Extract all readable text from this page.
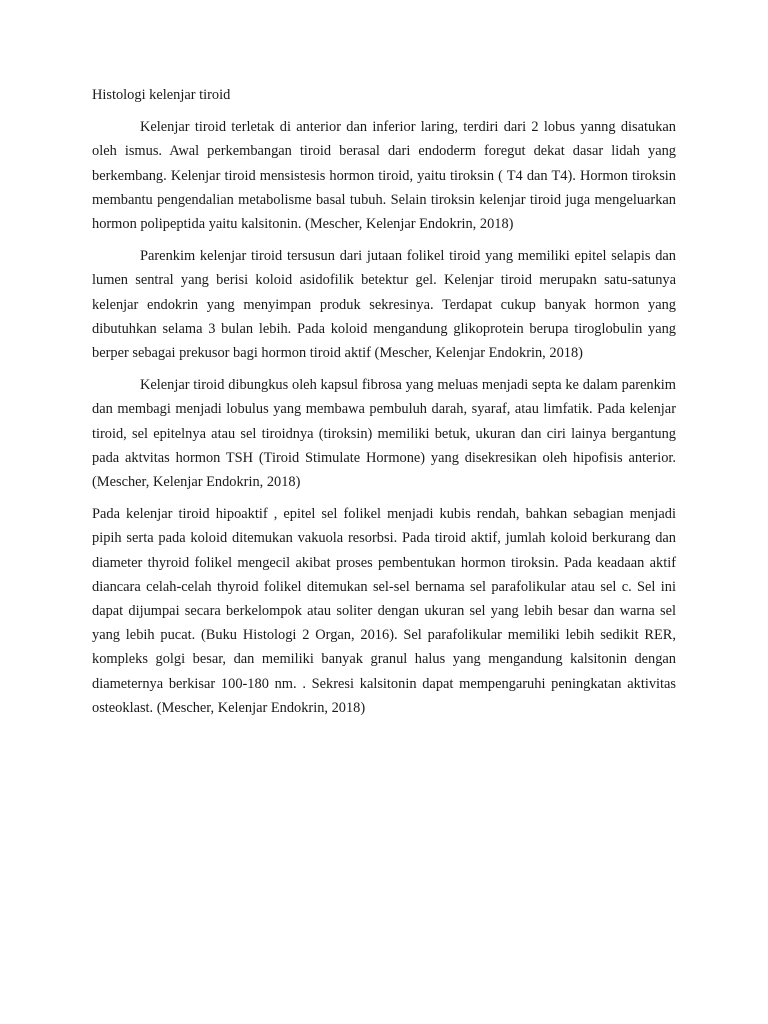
Histologi kelenjar tiroid

Kelenjar tiroid terletak di anterior dan inferior laring, terdiri dari 2 lobus yanng disatukan oleh ismus. Awal perkembangan tiroid berasal dari endoderm foregut dekat dasar lidah yang berkembang. Kelenjar tiroid mensistesis hormon tiroid, yaitu tiroksin ( T4 dan T4). Hormon tiroksin membantu pengendalian metabolisme basal tubuh. Selain tiroksin kelenjar tiroid juga mengeluarkan hormon polipeptida yaitu kalsitonin. (Mescher, Kelenjar Endokrin, 2018)

Parenkim kelenjar tiroid tersusun dari jutaan folikel tiroid yang memiliki epitel selapis dan lumen sentral yang berisi koloid asidofilik betektur gel. Kelenjar tiroid merupakn satu-satunya kelenjar endokrin yang menyimpan produk sekresinya. Terdapat cukup banyak hormon yang dibutuhkan selama 3 bulan lebih. Pada koloid mengandung glikoprotein berupa tiroglobulin yang berper sebagai prekusor bagi hormon tiroid aktif (Mescher, Kelenjar Endokrin, 2018)

Kelenjar tiroid dibungkus oleh kapsul fibrosa yang meluas menjadi septa ke dalam parenkim dan membagi menjadi lobulus yang membawa pembuluh darah, syaraf, atau limfatik. Pada kelenjar tiroid, sel epitelnya atau sel tiroidnya (tiroksin) memiliki betuk, ukuran dan ciri lainya bergantung pada aktvitas hormon TSH (Tiroid Stimulate Hormone) yang disekresikan oleh hipofisis anterior. (Mescher, Kelenjar Endokrin, 2018)

Pada kelenjar tiroid hipoaktif , epitel sel folikel menjadi kubis rendah, bahkan sebagian menjadi pipih serta pada koloid ditemukan vakuola resorbsi. Pada tiroid aktif, jumlah koloid berkurang dan diameter thyroid folikel mengecil akibat proses pembentukan hormon tiroksin. Pada keadaan aktif diancara celah-celah thyroid folikel ditemukan sel-sel bernama sel parafolikular atau sel c. Sel ini dapat dijumpai secara berkelompok atau soliter dengan ukuran sel yang lebih besar dan warna sel yang lebih pucat. (Buku Histologi 2 Organ, 2016). Sel parafolikular memiliki lebih sedikit RER, kompleks golgi besar, dan memiliki banyak granul halus yang mengandung kalsitonin dengan diameternya berkisar 100-180 nm. . Sekresi kalsitonin dapat mempengaruhi peningkatan aktivitas osteoklast. (Mescher, Kelenjar Endokrin, 2018)
